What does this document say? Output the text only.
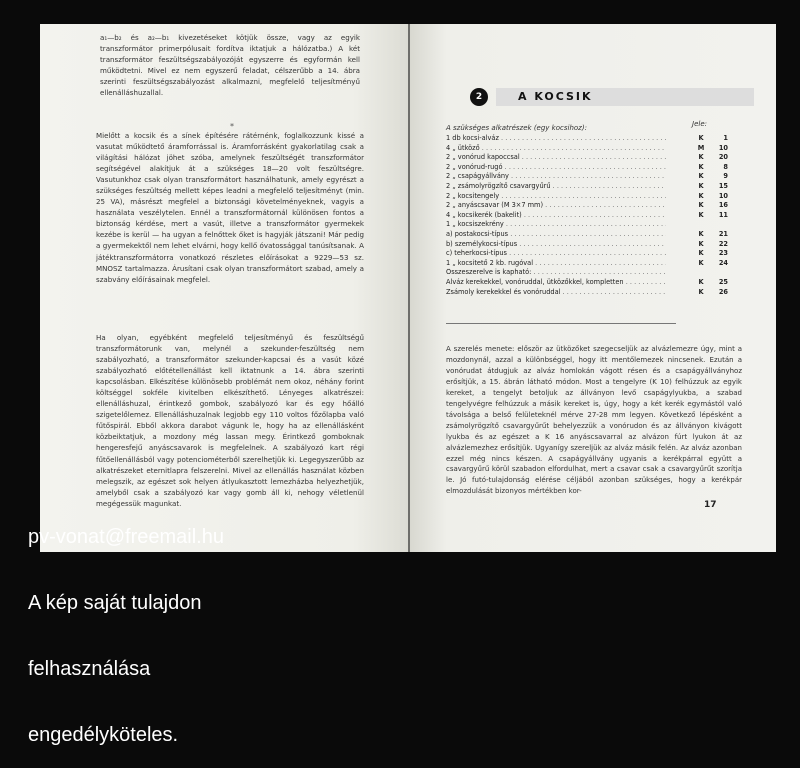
a₁—b₂ és a₂—b₁ kivezetéseket kötjük össze, vagy az egyik transzformátor primerpólusait fordítva iktatjuk a hálózatba.) A két transzformátor feszültségszabályozóját egyszerre és egyformán kell működtetni. Mivel ez nem egyszerű feladat, célszerűbb a 14. ábra szerinti feszültségszabályozást alkalmazni, megfelelő teljesítményű ellenálláshuzallal.

*

Mielőtt a kocsik és a sínek építésére rátérnénk, foglalkozzunk kissé a vasutat működtető áramforrással is. Áramforrásként gyakorlatilag csak a világítási hálózat jöhet szóba, amelynek feszültségét transzformátor segítségével alakítjuk át a szükséges 18—20 volt feszültségre. Vasutunkhoz csak olyan transzformátort használhatunk, amely egyrészt a szükséges feszültség mellett képes leadni a megfelelő teljesítményt (min. 25 VA), másrészt megfelel a biztonsági követelményeknek, vagyis a használata veszélytelen. Ennél a transzformátornál különösen fontos a biztonság kérdése, mert a vasút, illetve a transzformátor gyermekek kezébe is kerül — ha ugyan a felnőttek őket is hagyják játszani! Már pedig a gyermekektől nem lehet elvárni, hogy kellő óvatossággal tanúsítsanak. A játéktranszformátorra vonatkozó részletes előírásokat a 9229—53 sz. MNOSZ tartalmazza. Árusítani csak olyan transzformátort szabad, amely a szabvány előírásainak megfelel.

Ha olyan, egyébként megfelelő teljesítményű és feszültségű transzformátorunk van, melynél a szekunder-feszültség nem szabályozható, a transzformátor szekunder-kapcsai és a vasút közé szabályozható előtétellenállást kell iktatnunk a 14. ábra szerinti kapcsolásban. Elkészítése különösebb problémát nem okoz, néhány forint költséggel sokféle kivitelben elkészíthető. Lényeges alkatrészei: ellenálláshuzal, érintkező gombok, szabályozó kar és egy hőálló szigetelőlemez. Ellenálláshuzalnak legjobb egy 110 voltos főzőlapba való fűtőspirál. Ebből akkora darabot vágunk le, hogy ha az ellenállásként közbeiktatjuk, a mozdony még lassan megy. Érintkező gomboknak hengeresfejű anyáscsavarok is megfelelnek. A szabályozó kart régi fűtőellenállásból vagy potenciométerből szerelhetjük ki. Legegyszerűbb az alkatrészeket eternitlapra felszerelni. Mivel az ellenállás használat közben melegszik, az egészet sok helyen átlyukasztott lemezházba helyezhetjük, amelyből csak a szabályozó kar vagy gomb áll ki, nehogy véletlenül megégessük magunkat.

2	A KOCSIK
Jele:
A szükséges alkatrészek (egy kocsihoz):
1 db kocsi-alváz . . .	K	1
4 „ ütköző . . .	M	10
2 „ vonórud kapoccsal . . .	K	20
2 „ vonórud-rugó . . .	K	8
2 „ csapágyállvány . . .	K	9
2 „ zsámolyrögzítő csavargyűrű . . .	K	15
2 „ kocsitengely . . .	K	10
2 „ anyáscsavar (M 3×7 mm) . . .	K	16
4 „ kocsikerék (bakelit) . . .	K	11
1 „ kocsiszekrény . . .
a) postakocsi-típus . . .	K	21
b) személykocsi-típus . . .	K	22
c) teherkocsi-típus . . .	K	23
1 „ kocsitető 2 kb. rugóval . . .	K	24
Összeszerelve is kapható: . . .
Alváz kerekekkel, vonóruddal, ütközőkkel, kompletten . . .	K	25
Zsámoly kerekekkel és vonóruddal . . .	K	26

A szerelés menete: először az ütközőket szegecseljük az alvázlemezre úgy, mint a mozdonynál, azzal a különbséggel, hogy itt mentőlemezek nincsenek. Ezután a vonórudat átdugjuk az alváz homlokán vágott résen és a csapágyállványhoz erősítjük, a 15. ábrán látható módon. Most a tengelyre (K 10) felhúzzuk az egyik kereket, a tengelyt betoljuk az állványon levő csapágylyukba, a szabad tengelyvégre felhúzzuk a másik kereket is, úgy, hogy a két kerék egymástól való távolsága a belső felületeknél mérve 27-28 mm legyen. Következő lépésként a zsámolyrögzítő csavargyűrűt behelyezzük a vonórudon és az állványon kivágott lyukba és az egészet a K 16 anyáscsavarral az alvázon fúrt lyukon át az alvázlemezhez erősítjük. Ugyanígy szereljük az alváz másik felén. Az alváz azonban ezzel még nincs készen. A csapágyállvány ugyanis a kerékpárral együtt a csavargyűrű körül szabadon elfordulhat, mert a csavar csak a csavargyűrűt szorítja le. Jó futó-tulajdonság elérése céljából azonban szükséges, hogy a kerékpár elmozdulását bizonyos mértékben kor-

17

pv-vonat@freemail.hu

A kép saját tulajdon

felhasználása

engedélyköteles.
